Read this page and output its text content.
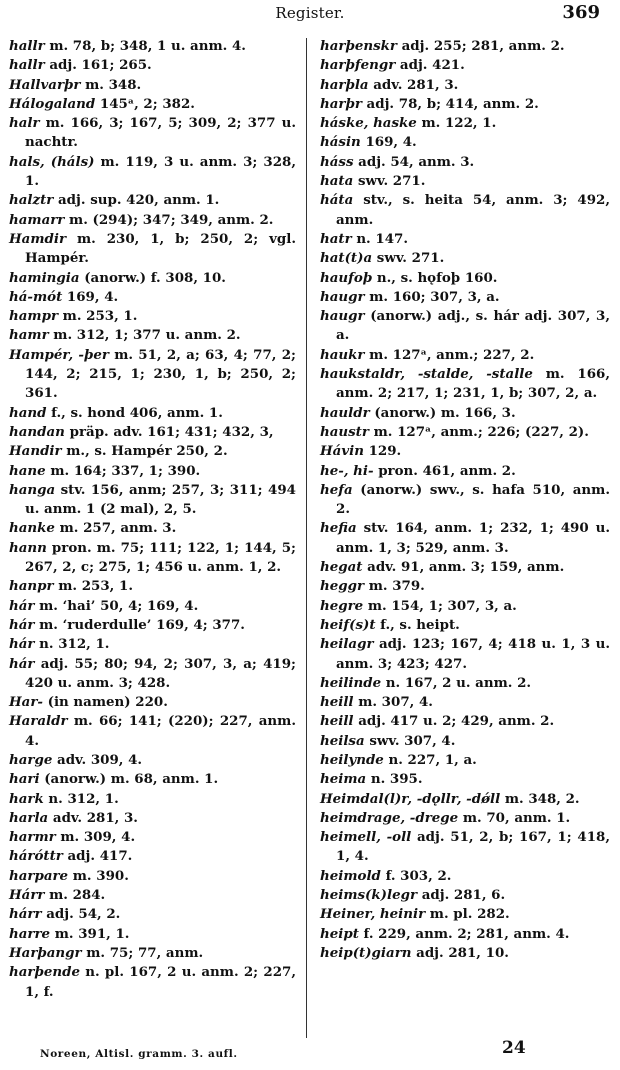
Register.	369
hallr m. 78, b; 348, 1 u. anm. 4.
hallr adj. 161; 265.
Hallvarþr m. 348.
Hálogaland 145ᵃ, 2; 382.
halr m. 166, 3; 167, 5; 309, 2; 377 u. nachtr.
hals, (háls) m. 119, 3 u. anm. 3; 328, 1.
halztr adj. sup. 420, anm. 1.
hamarr m. (294); 347; 349, anm. 2.
Hamdir m. 230, 1, b; 250, 2; vgl. Hampér.
hamingia (anorw.) f. 308, 10.
há-mót 169, 4.
hampr m. 253, 1.
hamr m. 312, 1; 377 u. anm. 2.
Hampér, -þer m. 51, 2, a; 63, 4; 77, 2; 144, 2; 215, 1; 230, 1, b; 250, 2; 361.
hand f., s. hond 406, anm. 1.
handan präp. adv. 161; 431; 432, 3,
Handir m., s. Hampér 250, 2.
hane m. 164; 337, 1; 390.
hanga stv. 156, anm; 257, 3; 311; 494 u. anm. 1 (2 mal), 2, 5.
hanke m. 257, anm. 3.
hann pron. m. 75; 111; 122, 1; 144, 5; 267, 2, c; 275, 1; 456 u. anm. 1, 2.
hanpr m. 253, 1.
hár m. ‘hai’ 50, 4; 169, 4.
hár m. ‘ruderdulle’ 169, 4; 377.
hár n. 312, 1.
hár adj. 55; 80; 94, 2; 307, 3, a; 419; 420 u. anm. 3; 428.
Har- (in namen) 220.
Haraldr m. 66; 141; (220); 227, anm. 4.
harge adv. 309, 4.
hari (anorw.) m. 68, anm. 1.
hark n. 312, 1.
harla adv. 281, 3.
harmr m. 309, 4.
háróttr adj. 417.
harpare m. 390.
Hárr m. 284.
hárr adj. 54, 2.
harre m. 391, 1.
Harþangr m. 75; 77, anm.
harþende n. pl. 167, 2 u. anm. 2; 227, 1, f.
harþenskr adj. 255; 281, anm. 2.
harþfengr adj. 421.
harþla adv. 281, 3.
harþr adj. 78, b; 414, anm. 2.
háske, haske m. 122, 1.
hásin 169, 4.
háss adj. 54, anm. 3.
hata swv. 271.
háta stv., s. heita 54, anm. 3; 492, anm.
hatr n. 147.
hat(t)a swv. 271.
haufoþ n., s. hǫfoþ 160.
haugr m. 160; 307, 3, a.
haugr (anorw.) adj., s. hár adj. 307, 3, a.
haukr m. 127ᵃ, anm.; 227, 2.
haukstaldr, -stalde, -stalle m. 166, anm. 2; 217, 1; 231, 1, b; 307, 2, a.
hauldr (anorw.) m. 166, 3.
haustr m. 127ᵃ, anm.; 226; (227, 2).
Hávin 129.
he-, hi- pron. 461, anm. 2.
hefa (anorw.) swv., s. hafa 510, anm. 2.
hefia stv. 164, anm. 1; 232, 1; 490 u. anm. 1, 3; 529, anm. 3.
hegat adv. 91, anm. 3; 159, anm.
heggr m. 379.
hegre m. 154, 1; 307, 3, a.
heif(s)t f., s. heipt.
heilagr adj. 123; 167, 4; 418 u. 1, 3 u. anm. 3; 423; 427.
heilinde n. 167, 2 u. anm. 2.
heill m. 307, 4.
heill adj. 417 u. 2; 429, anm. 2.
heilsa swv. 307, 4.
heilynde n. 227, 1, a.
heima n. 395.
Heimdal(l)r, -dǫllr, -dǿll m. 348, 2.
heimdrage, -drege m. 70, anm. 1.
heimell, -oll adj. 51, 2, b; 167, 1; 418, 1, 4.
heimold f. 303, 2.
heims(k)legr adj. 281, 6.
Heiner, heinir m. pl. 282.
heipt f. 229, anm. 2; 281, anm. 4.
heip(t)giarn adj. 281, 10.
Noreen, Altisl. gramm. 3. aufl.	24
